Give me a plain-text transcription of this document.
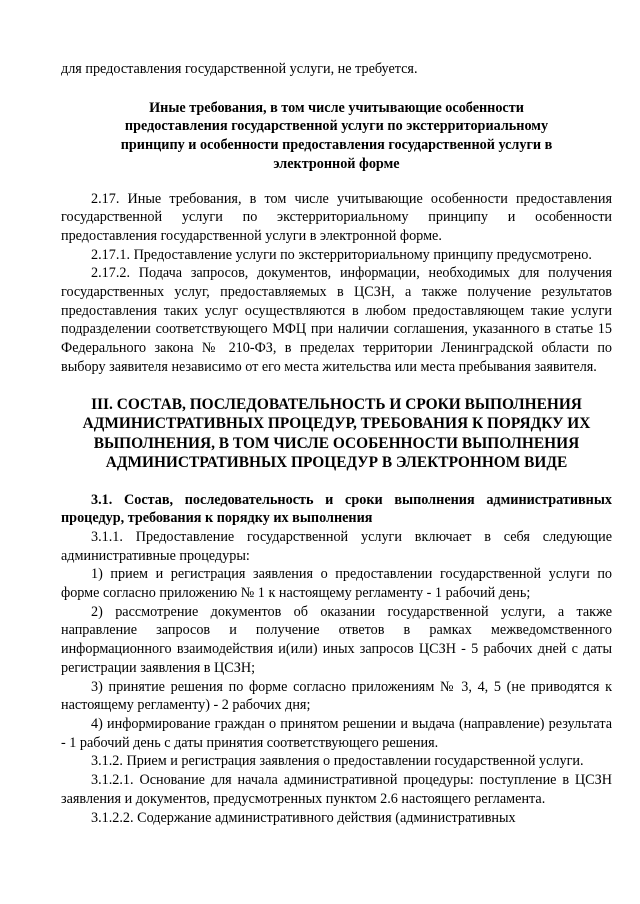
для предоставления государственной услуги, не требуется.

Иные требования, в том числе учитывающие особенности предоставления государственной услуги по экстерриториальному принципу и особенности предоставления государственной услуги в электронной форме

2.17. Иные требования, в том числе учитывающие особенности предоставления государственной услуги по экстерриториальному принципу и особенности предоставления государственной услуги в электронной форме.

2.17.1. Предоставление услуги по экстерриториальному принципу предусмотрено.

2.17.2. Подача запросов, документов, информации, необходимых для получения государственных услуг, предоставляемых в ЦСЗН, а также получение результатов предоставления таких услуг осуществляются в любом предоставляющем такие услуги подразделении соответствующего МФЦ при наличии соглашения, указанного в статье 15 Федерального закона № 210-ФЗ, в пределах территории Ленинградской области по выбору заявителя независимо от его места жительства или места пребывания заявителя.

III. СОСТАВ, ПОСЛЕДОВАТЕЛЬНОСТЬ И СРОКИ ВЫПОЛНЕНИЯ АДМИНИСТРАТИВНЫХ ПРОЦЕДУР, ТРЕБОВАНИЯ К ПОРЯДКУ ИХ ВЫПОЛНЕНИЯ, В ТОМ ЧИСЛЕ ОСОБЕННОСТИ ВЫПОЛНЕНИЯ АДМИНИСТРАТИВНЫХ ПРОЦЕДУР В ЭЛЕКТРОННОМ ВИДЕ

3.1. Состав, последовательность и сроки выполнения административных процедур, требования к порядку их выполнения

3.1.1. Предоставление государственной услуги включает в себя следующие административные процедуры:

1) прием и регистрация заявления о предоставлении государственной услуги по форме согласно приложению № 1 к настоящему регламенту - 1 рабочий день;

2) рассмотрение документов об оказании государственной услуги, а также направление запросов и получение ответов в рамках межведомственного информационного взаимодействия и(или) иных запросов ЦСЗН - 5 рабочих дней с даты регистрации заявления в ЦСЗН;

3) принятие решения по форме согласно приложениям № 3, 4, 5 (не приводятся к настоящему регламенту) - 2 рабочих дня;

4) информирование граждан о принятом решении и выдача (направление) результата - 1 рабочий день с даты принятия соответствующего решения.

3.1.2. Прием и регистрация заявления о предоставлении государственной услуги.

3.1.2.1. Основание для начала административной процедуры: поступление в ЦСЗН заявления и документов, предусмотренных пунктом 2.6 настоящего регламента.

3.1.2.2. Содержание административного действия (административных
